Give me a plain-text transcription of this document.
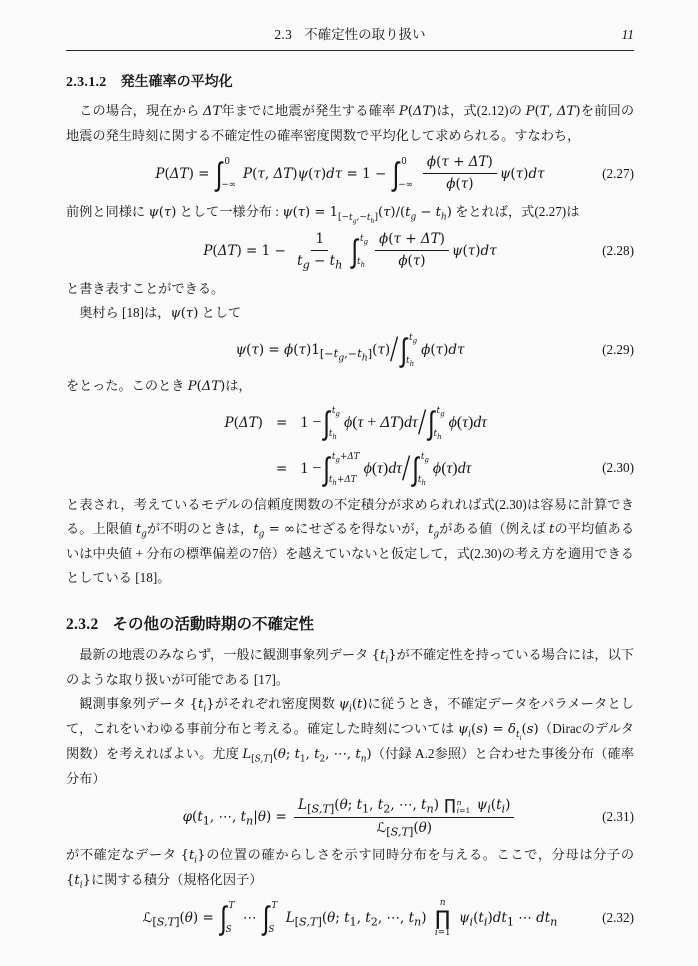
2.3 不確定性の取り扱い	11
2.3.1.2 発生確率の平均化

この場合，現在から ΔT年までに地震が発生する確率 P(ΔT)は，式(2.12)の P(T, ΔT)を前回の地震の発生時刻に関する不確定性の確率密度関数で平均化して求められる。すなわち，

P(ΔT) = ∫ 0
−∞
P(τ, ΔT)ψ(τ)dτ = 1 − ∫ 0
−∞ $\frac{\phi(\tau + \Delta T)}{\phi(\tau)} \psi(\tau)d\tau$	(2.27)

前例と同様に ψ(τ) として一様分布 : $\psi(\tau) = 1_{[-t_g,-t_h]}(\tau)/(t_g - t_h)$ をとれば，式(2.27)は

$P(\Delta T) = 1 - \frac{1}{t_g - t_h}$ ∫ $t_g$
$t_h \frac{\phi(\tau + \Delta T)}{\phi(\tau)} \psi(\tau)d\tau$	(2.28)

と書き表すことができる。

奥村ら [18]は，ψ(τ) として

$\psi(\tau) = \phi(\tau)1_{[-t_g,-t_h]}(\tau)$ / ∫ $t_g$
$t_h$
ϕ(τ)dτ	(2.29)

をとった。このとき P(ΔT)は，

P(ΔT) = 1 − ∫ $t_g$
$t_h$
ϕ(τ + ΔT)dτ / ∫ $t_g$
$t_h$
ϕ(τ)dτ
= 1 − ∫ $t_g+\Delta T$
$t_h+\Delta T$
ϕ(τ)dτ / ∫ $t_g$
$t_h$
ϕ(τ)dτ	(2.30)

と表され，考えているモデルの信頼度関数の不定積分が求められれば式(2.30)は容易に計算できる。上限値 $t_g$が不明のときは，$t_g$ = ∞にせざるを得ないが，$t_g$がある値（例えば tの平均値あるいは中央値 + 分布の標準偏差の7倍）を越えていないと仮定して，式(2.30)の考え方を適用できるとしている [18]。

2.3.2 その他の活動時期の不確定性

最新の地震のみならず，一般に観測事象列データ $\{t_i\}$が不確定性を持っている場合には，以下のような取り扱いが可能である [17]。

観測事象列データ $\{t_i\}$がそれぞれ密度関数 $\psi_i(t)$に従うとき，不確定データをパラメータとして，これをいわゆる事前分布と考える。確定した時刻については $\psi_i(s)$ = $\delta_{t_i}(s)(Dirac$のデルタ関数）を考えればよい。尤度 $L_{[S,T]}(\theta$; $t_1$, $t_2$, ⋯, $t_n$)（付録 A.2参照）と合わせた事後分布（確率分布）

$\varphi(t_1$, ⋯, $t_n|\theta$) =
$L_{[S,T]}(\theta$; $t_1$, $t_2$, ⋯, $t_n$) ∏ n
i=1 $\psi_i(t_i)$
ℒ$_{[S,T]}$(θ)
(2.31)

が不確定なデータ $\{t_i\}$の位置の確からしさを示す同時分布を与える。ここで，分母は分子の $\{t_i\}$に関する積分（規格化因子）

ℒ$_{[S,T]}$(θ) = ∫ T
S
⋯ ∫ T
S
$L_{[S,T]}(\theta$; $t_1$, $t_2$, ⋯, $t_n$)
n
∏
i=1
$\psi_i(t_i)dt_1$ ⋯ $dt_n$	(2.32)
